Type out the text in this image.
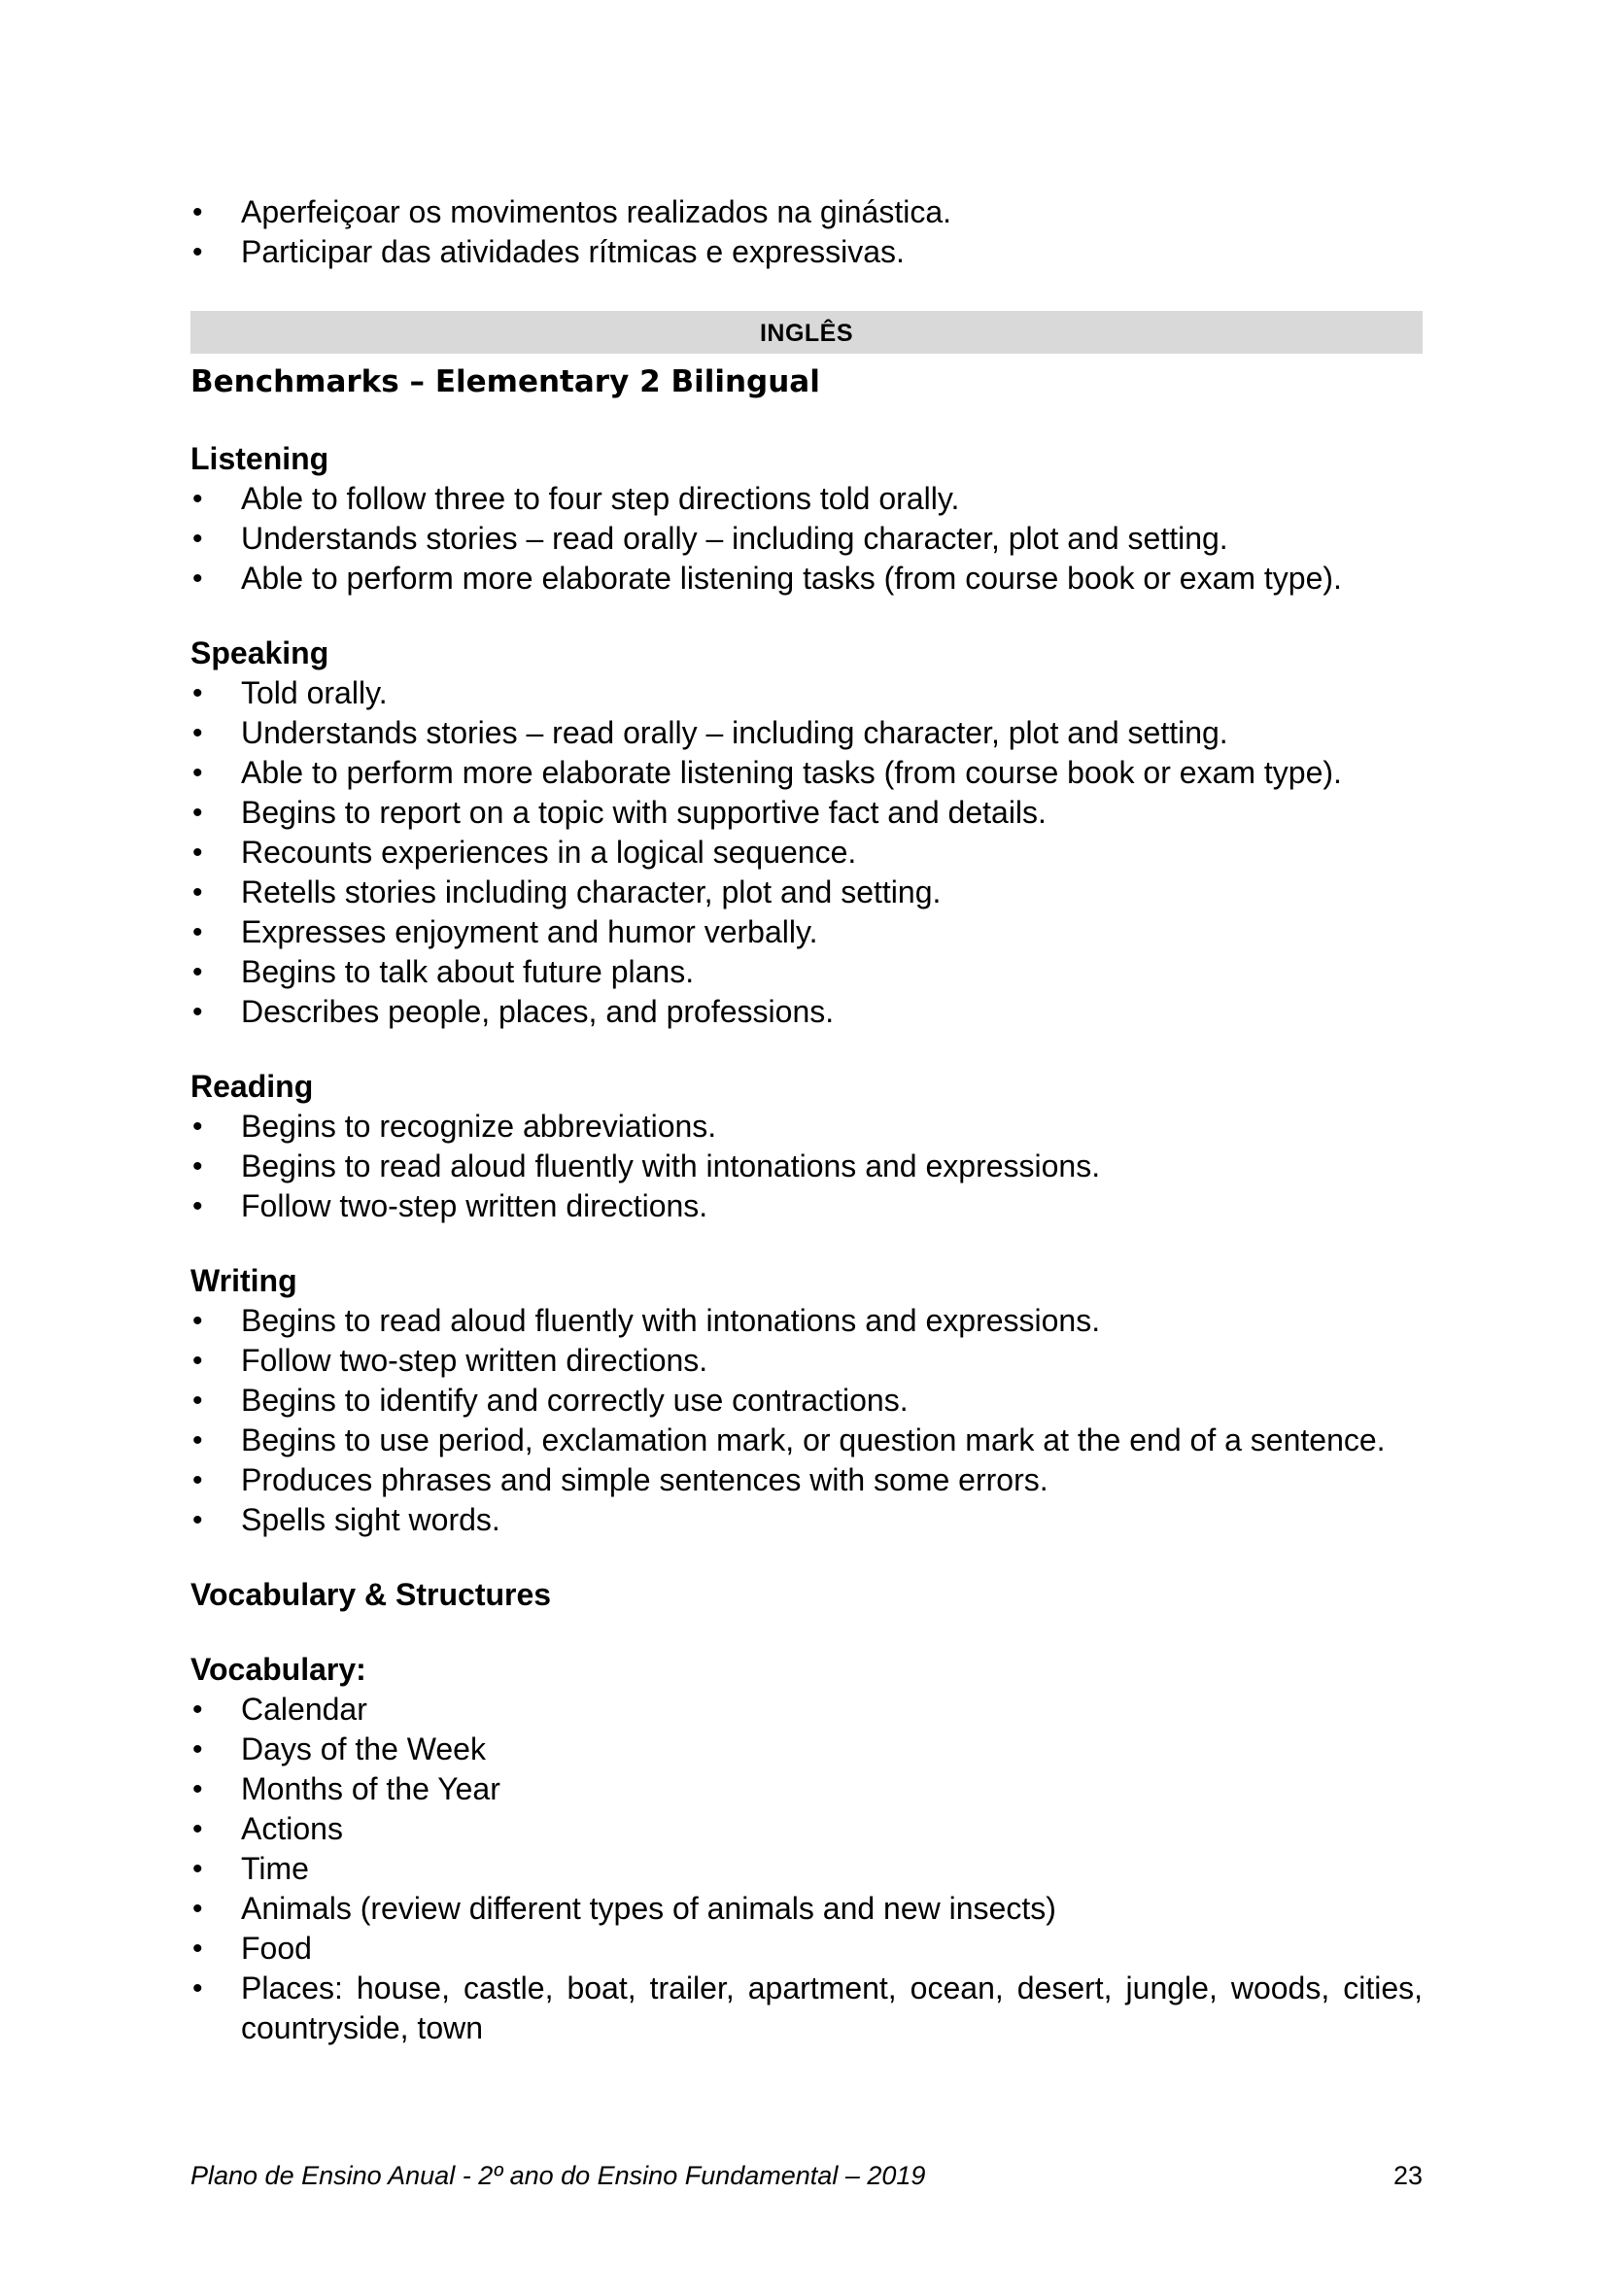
• Aperfeiçoar os movimentos realizados na ginástica.
• Participar das atividades rítmicas e expressivas.
INGLÊS
Benchmarks – Elementary 2 Bilingual
Listening
• Able to follow three to four step directions told orally.
• Understands stories – read orally – including character, plot and setting.
• Able to perform more elaborate listening tasks (from course book or exam type).
Speaking
• Told orally.
• Understands stories – read orally – including character, plot and setting.
• Able to perform more elaborate listening tasks (from course book or exam type).
• Begins to report on a topic with supportive fact and details.
• Recounts experiences in a logical sequence.
• Retells stories including character, plot and setting.
• Expresses enjoyment and humor verbally.
• Begins to talk about future plans.
• Describes people, places, and professions.
Reading
• Begins to recognize abbreviations.
• Begins to read aloud fluently with intonations and expressions.
• Follow two-step written directions.
Writing
• Begins to read aloud fluently with intonations and expressions.
• Follow two-step written directions.
• Begins to identify and correctly use contractions.
• Begins to use period, exclamation mark, or question mark at the end of a sentence.
• Produces phrases and simple sentences with some errors.
• Spells sight words.
Vocabulary & Structures
Vocabulary:
• Calendar
• Days of the Week
• Months of the Year
• Actions
• Time
• Animals (review different types of animals and new insects)
• Food
• Places: house, castle, boat, trailer, apartment, ocean, desert, jungle, woods, cities, countryside, town
Plano de Ensino Anual - 2º ano do Ensino Fundamental – 2019	23
